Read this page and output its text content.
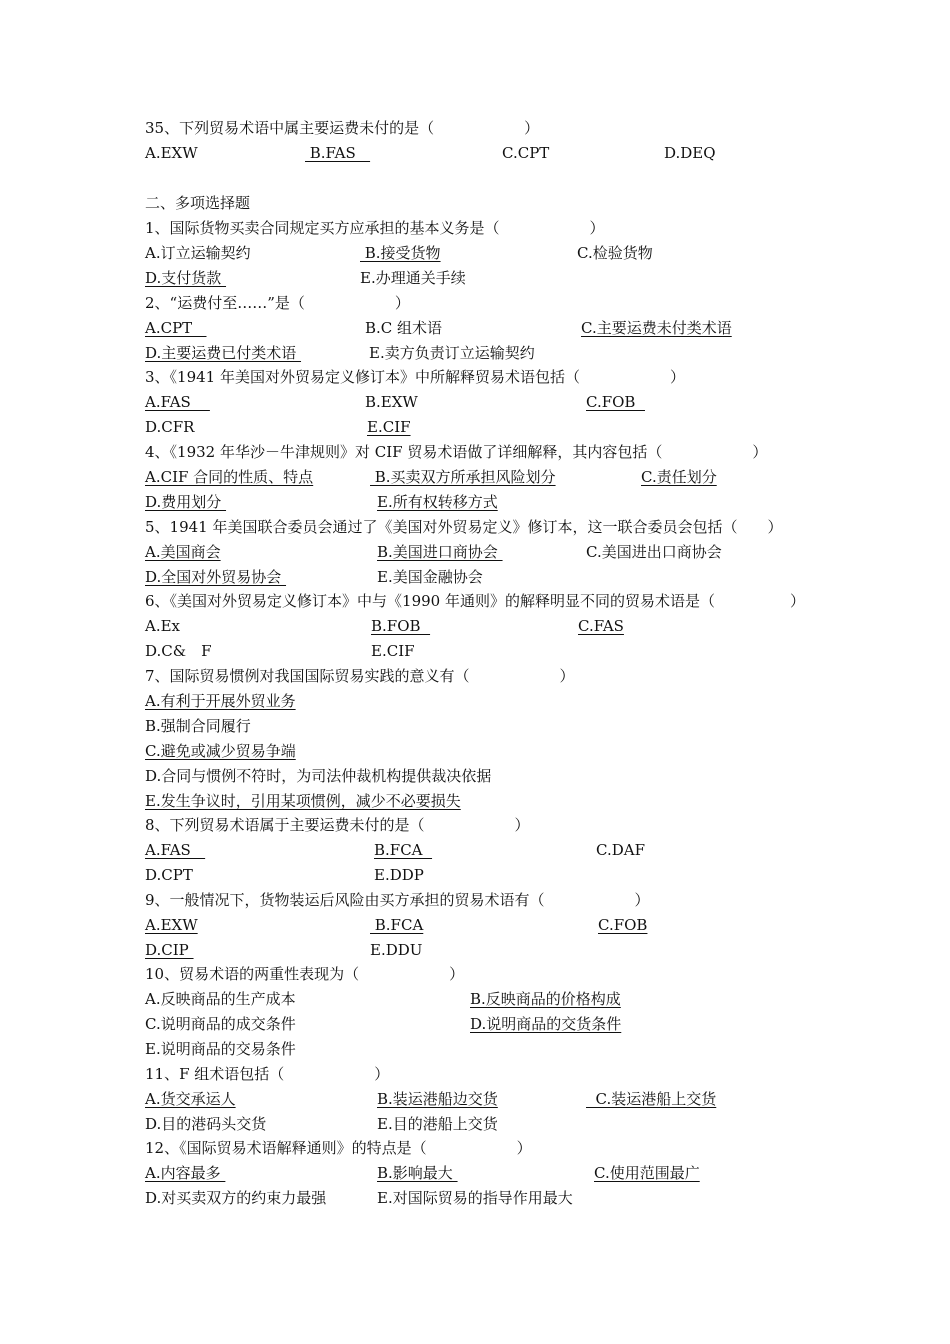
35、下列贸易术语中属主要运费未付的是（　　　　　　）
A.EXW	B.FAS	C.CPT	D.DEQ
二、多项选择题
1、国际货物买卖合同规定买方应承担的基本义务是（　　　　　　）
A.订立运输契约	B.接受货物	C.检验货物
D.支付货款	E.办理通关手续
2、“运费付至……”是（　　　　　　）
A.CPT	B.C 组术语	C.主要运费未付类术语
D.主要运费已付类术语	E.卖方负责订立运输契约
3、《1941 年美国对外贸易定义修订本》中所解释贸易术语包括（　　　　　　）
A.FAS	B.EXW	C.FOB
D.CFR	E.CIF
4、《1932 年华沙－牛津规则》对 CIF 贸易术语做了详细解释，其内容包括（　　　　　　）
A.CIF 合同的性质、特点	B.买卖双方所承担风险划分	C.责任划分
D.费用划分	E.所有权转移方式
5、1941 年美国联合委员会通过了《美国对外贸易定义》修订本，这一联合委员会包括（　　）
A.美国商会	B.美国进口商协会	C.美国进出口商协会
D.全国对外贸易协会	E.美国金融协会
6、《美国对外贸易定义修订本》中与《1990 年通则》的解释明显不同的贸易术语是（　　　　　）
A.Ex	B.FOB	C.FAS
D.C&　F	E.CIF
7、国际贸易惯例对我国国际贸易实践的意义有（　　　　　　）
A.有利于开展外贸业务
B.强制合同履行
C.避免或减少贸易争端
D.合同与惯例不符时，为司法仲裁机构提供裁决依据
E.发生争议时，引用某项惯例，减少不必要损失
8、下列贸易术语属于主要运费未付的是（　　　　　　）
A.FAS	B.FCA	C.DAF
D.CPT	E.DDP
9、一般情况下，货物装运后风险由买方承担的贸易术语有（　　　　　　）
A.EXW	B.FCA	C.FOB
D.CIP	E.DDU
10、贸易术语的两重性表现为（　　　　　　）
A.反映商品的生产成本	B.反映商品的价格构成
C.说明商品的成交条件	D.说明商品的交货条件
E.说明商品的交易条件
11、F 组术语包括（　　　　　　）
A.货交承运人	B.装运港船边交货	C.装运港船上交货
D.目的港码头交货	E.目的港船上交货
12、《国际贸易术语解释通则》的特点是（　　　　　　）
A.内容最多	B.影响最大	C.使用范围最广
D.对买卖双方的约束力最强	E.对国际贸易的指导作用最大
